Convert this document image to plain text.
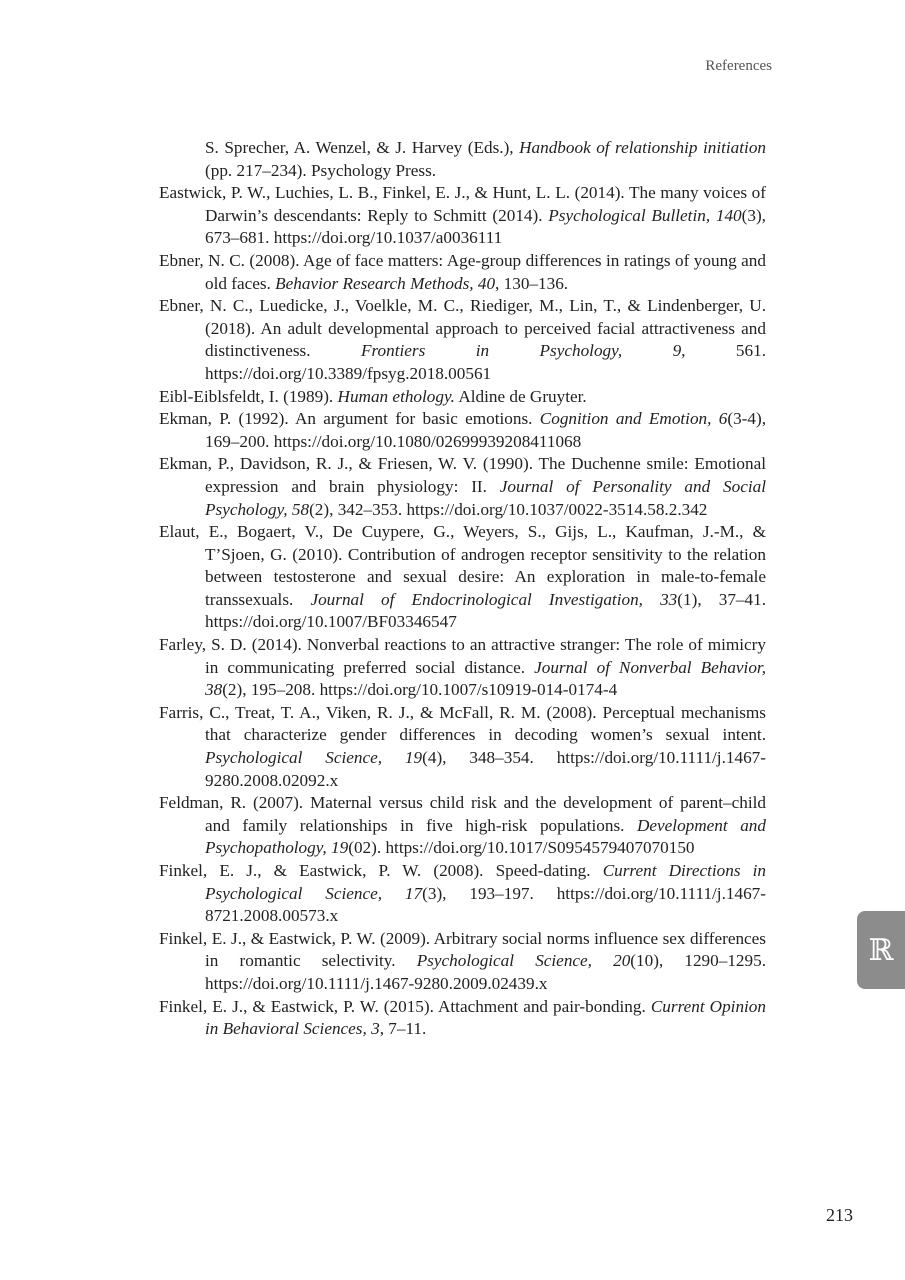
References

S. Sprecher, A. Wenzel, & J. Harvey (Eds.), Handbook of relationship initiation (pp. 217–234). Psychology Press.

Eastwick, P. W., Luchies, L. B., Finkel, E. J., & Hunt, L. L. (2014). The many voices of Darwin’s descendants: Reply to Schmitt (2014). Psychological Bulletin, 140(3), 673–681. https://doi.org/10.1037/a0036111

Ebner, N. C. (2008). Age of face matters: Age-group differences in ratings of young and old faces. Behavior Research Methods, 40, 130–136.

Ebner, N. C., Luedicke, J., Voelkle, M. C., Riediger, M., Lin, T., & Lindenberger, U. (2018). An adult developmental approach to perceived facial attractiveness and distinctiveness. Frontiers in Psychology, 9, 561. https://doi.org/10.3389/fpsyg.2018.00561

Eibl-Eiblsfeldt, I. (1989). Human ethology. Aldine de Gruyter.

Ekman, P. (1992). An argument for basic emotions. Cognition and Emotion, 6(3-4), 169–200. https://doi.org/10.1080/02699939208411068

Ekman, P., Davidson, R. J., & Friesen, W. V. (1990). The Duchenne smile: Emotional expression and brain physiology: II. Journal of Personality and Social Psychology, 58(2), 342–353. https://doi.org/10.1037/0022-3514.58.2.342

Elaut, E., Bogaert, V., De Cuypere, G., Weyers, S., Gijs, L., Kaufman, J.-M., & T’Sjoen, G. (2010). Contribution of androgen receptor sensitivity to the relation between testosterone and sexual desire: An exploration in male-to-female transsexuals. Journal of Endocrinological Investigation, 33(1), 37–41. https://doi.org/10.1007/BF03346547

Farley, S. D. (2014). Nonverbal reactions to an attractive stranger: The role of mimicry in communicating preferred social distance. Journal of Nonverbal Behavior, 38(2), 195–208. https://doi.org/10.1007/s10919-014-0174-4

Farris, C., Treat, T. A., Viken, R. J., & McFall, R. M. (2008). Perceptual mechanisms that characterize gender differences in decoding women’s sexual intent. Psychological Science, 19(4), 348–354. https://doi.org/10.1111/j.1467-9280.2008.02092.x

Feldman, R. (2007). Maternal versus child risk and the development of parent–child and family relationships in five high-risk populations. Development and Psychopathology, 19(02). https://doi.org/10.1017/S0954579407070150

Finkel, E. J., & Eastwick, P. W. (2008). Speed-dating. Current Directions in Psychological Science, 17(3), 193–197. https://doi.org/10.1111/j.1467-8721.2008.00573.x

Finkel, E. J., & Eastwick, P. W. (2009). Arbitrary social norms influence sex differences in romantic selectivity. Psychological Science, 20(10), 1290–1295. https://doi.org/10.1111/j.1467-9280.2009.02439.x

Finkel, E. J., & Eastwick, P. W. (2015). Attachment and pair-bonding. Current Opinion in Behavioral Sciences, 3, 7–11.

ℝ
213
